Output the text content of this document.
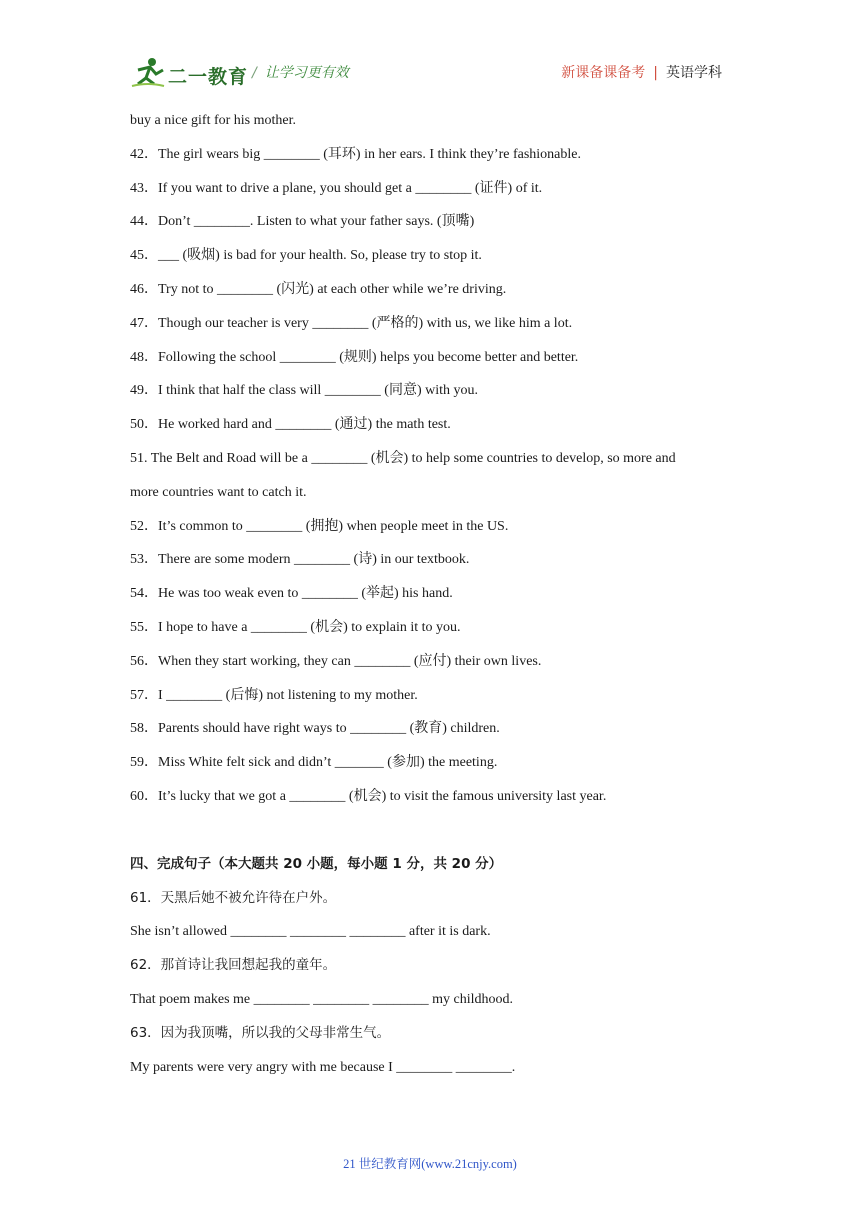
二一教育 / 让学习更有效	新课备课备考 | 英语学科
buy a nice gift for his mother.
42．The girl wears big ________ (耳环) in her ears. I think they’re fashionable.
43．If you want to drive a plane, you should get a ________ (证件) of it.
44．Don’t ________. Listen to what your father says. (顶嘴)
45．___ (吸烟) is bad for your health. So, please try to stop it.
46．Try not to ________ (闪光) at each other while we’re driving.
47．Though our teacher is very ________ (严格的) with us, we like him a lot.
48．Following the school ________ (规则) helps you become better and better.
49．I think that half the class will ________ (同意) with you.
50．He worked hard and ________ (通过) the math test.
51. The Belt and Road will be a ________ (机会) to help some countries to develop, so more and
more countries want to catch it.
52．It’s common to ________ (拥抱) when people meet in the US.
53．There are some modern ________ (诗) in our textbook.
54．He was too weak even to ________ (举起) his hand.
55．I hope to have a ________ (机会) to explain it to you.
56．When they start working, they can ________ (应付) their own lives.
57．I ________ (后悔) not listening to my mother.
58．Parents should have right ways to ________ (教育) children.
59．Miss White felt sick and didn’t _______ (参加) the meeting.
60．It’s lucky that we got a ________ (机会) to visit the famous university last year.
四、完成句子（本大题共 20 小题，每小题 1 分，共 20 分）
61．天黑后她不被允许待在户外。
She isn’t allowed ________ ________ ________ after it is dark.
62．那首诗让我回想起我的童年。
That poem makes me ________ ________ ________ my childhood.
63．因为我顶嘴，所以我的父母非常生气。
My parents were very angry with me because I ________ ________.
21 世纪教育网(www.21cnjy.com)
